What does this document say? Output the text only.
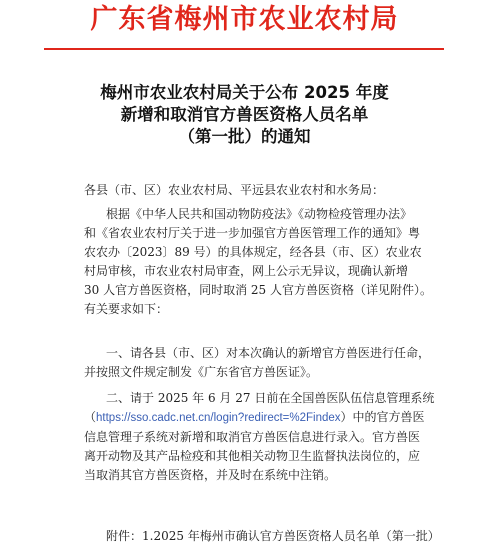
广东省梅州市农业农村局
梅州市农业农村局关于公布 2025 年度
新增和取消官方兽医资格人员名单
（第一批）的通知
各县（市、区）农业农村局、平远县农业农村和水务局：
根据《中华人民共和国动物防疫法》《动物检疫管理办法》
和《省农业农村厅关于进一步加强官方兽医管理工作的通知》粤
农农办〔2023〕89 号）的具体规定，经各县（市、区）农业农
村局审核，市农业农村局审查，网上公示无异议，现确认新增
30 人官方兽医资格，同时取消 25 人官方兽医资格（详见附件）。
有关要求如下：
一、请各县（市、区）对本次确认的新增官方兽医进行任命，
并按照文件规定制发《广东省官方兽医证》。
二、请于 2025 年 6 月 27 日前在全国兽医队伍信息管理系统
（https://sso.cadc.net.cn/login?redirect=%2Findex）中的官方兽医
信息管理子系统对新增和取消官方兽医信息进行录入。官方兽医
离开动物及其产品检疫和其他相关动物卫生监督执法岗位的，应
当取消其官方兽医资格，并及时在系统中注销。
附件：1.2025 年梅州市确认官方兽医资格人员名单（第一批）
